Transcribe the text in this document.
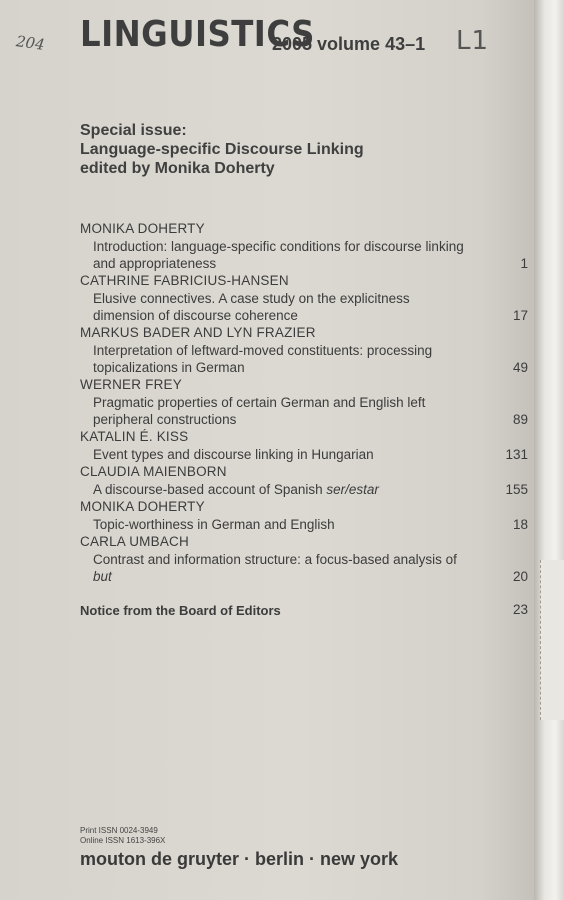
204	L1
LINGUISTICS
2005 volume 43–1
Special issue:
Language-specific Discourse Linking
edited by Monika Doherty
MONIKA DOHERTY
Introduction: language-specific conditions for discourse linking
and appropriateness	1
CATHRINE FABRICIUS-HANSEN
Elusive connectives. A case study on the explicitness
dimension of discourse coherence	17
MARKUS BADER AND LYN FRAZIER
Interpretation of leftward-moved constituents: processing
topicalizations in German	49
WERNER FREY
Pragmatic properties of certain German and English left
peripheral constructions	89
KATALIN É. KISS
Event types and discourse linking in Hungarian	131
CLAUDIA MAIENBORN
A discourse-based account of Spanish ser/estar	155
MONIKA DOHERTY
Topic-worthiness in German and English	18
CARLA UMBACH
Contrast and information structure: a focus-based analysis of
but	20
Notice from the Board of Editors	23
Print ISSN 0024-3949
Online ISSN 1613-396X
mouton de gruyter · berlin · new york
